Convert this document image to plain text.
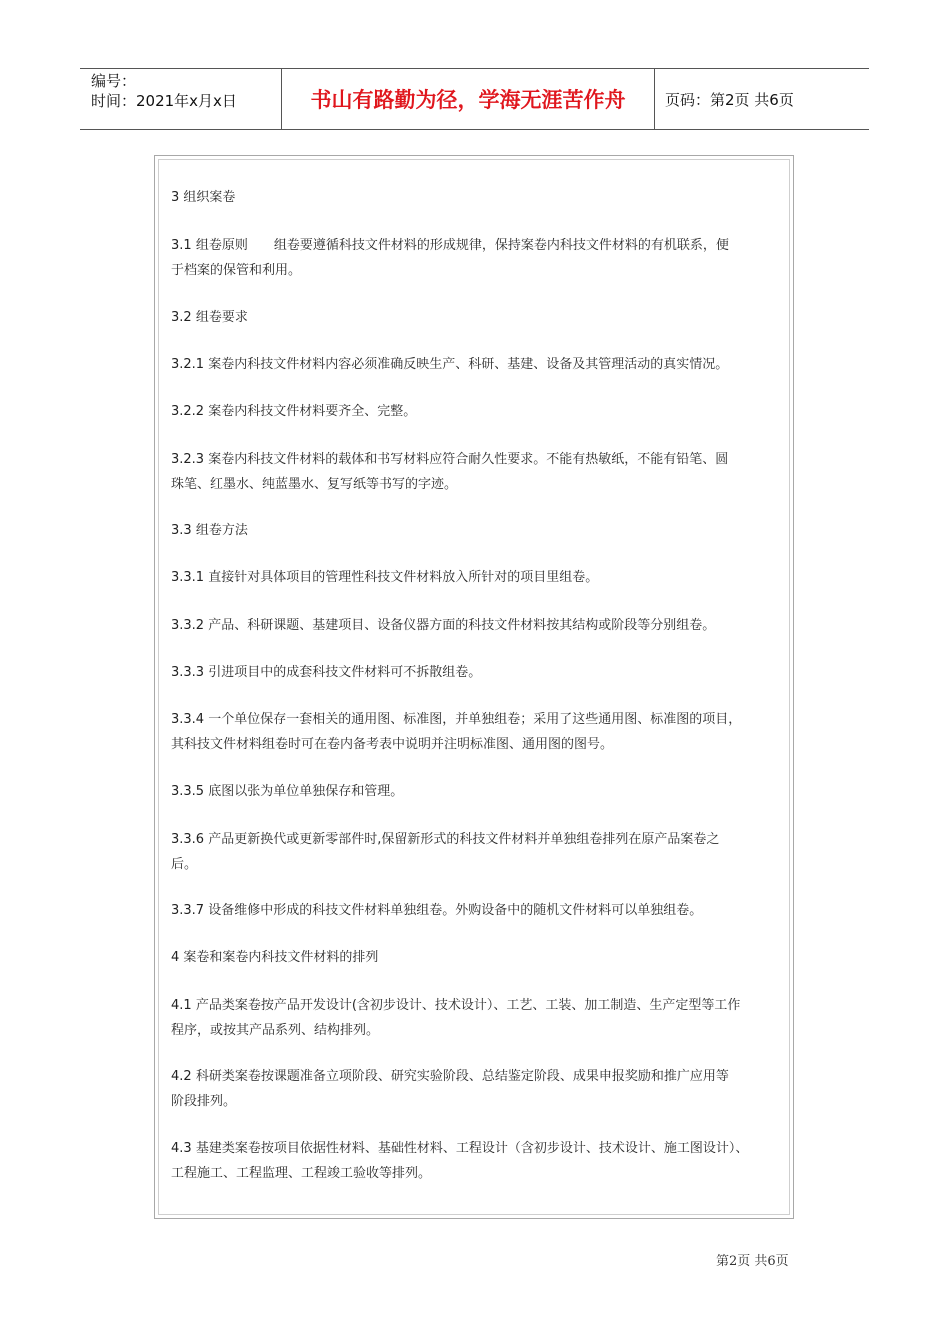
编号：
时间：2021年x月x日	书山有路勤为径，学海无涯苦作舟	页码：第2页 共6页
3 组织案卷
3.1 组卷原则 组卷要遵循科技文件材料的形成规律，保持案卷内科技文件材料的有机联系，便
于档案的保管和利用。
3.2 组卷要求
3.2.1 案卷内科技文件材料内容必须准确反映生产、科研、基建、设备及其管理活动的真实情况。
3.2.2 案卷内科技文件材料要齐全、完整。
3.2.3 案卷内科技文件材料的载体和书写材料应符合耐久性要求。不能有热敏纸，不能有铅笔、圆
珠笔、红墨水、纯蓝墨水、复写纸等书写的字迹。
3.3 组卷方法
3.3.1 直接针对具体项目的管理性科技文件材料放入所针对的项目里组卷。
3.3.2 产品、科研课题、基建项目、设备仪器方面的科技文件材料按其结构或阶段等分别组卷。
3.3.3 引进项目中的成套科技文件材料可不拆散组卷。
3.3.4 一个单位保存一套相关的通用图、标准图，并单独组卷；采用了这些通用图、标准图的项目，
其科技文件材料组卷时可在卷内备考表中说明并注明标准图、通用图的图号。
3.3.5 底图以张为单位单独保存和管理。
3.3.6 产品更新换代或更新零部件时,保留新形式的科技文件材料并单独组卷排列在原产品案卷之
后。
3.3.7 设备维修中形成的科技文件材料单独组卷。外购设备中的随机文件材料可以单独组卷。
4 案卷和案卷内科技文件材料的排列
4.1 产品类案卷按产品开发设计(含初步设计、技术设计）、工艺、工装、加工制造、生产定型等工作
程序，或按其产品系列、结构排列。
4.2 科研类案卷按课题准备立项阶段、研究实验阶段、总结鉴定阶段、成果申报奖励和推广应用等
阶段排列。
4.3 基建类案卷按项目依据性材料、基础性材料、工程设计（含初步设计、技术设计、施工图设计）、
工程施工、工程监理、工程竣工验收等排列。
第2页 共6页
